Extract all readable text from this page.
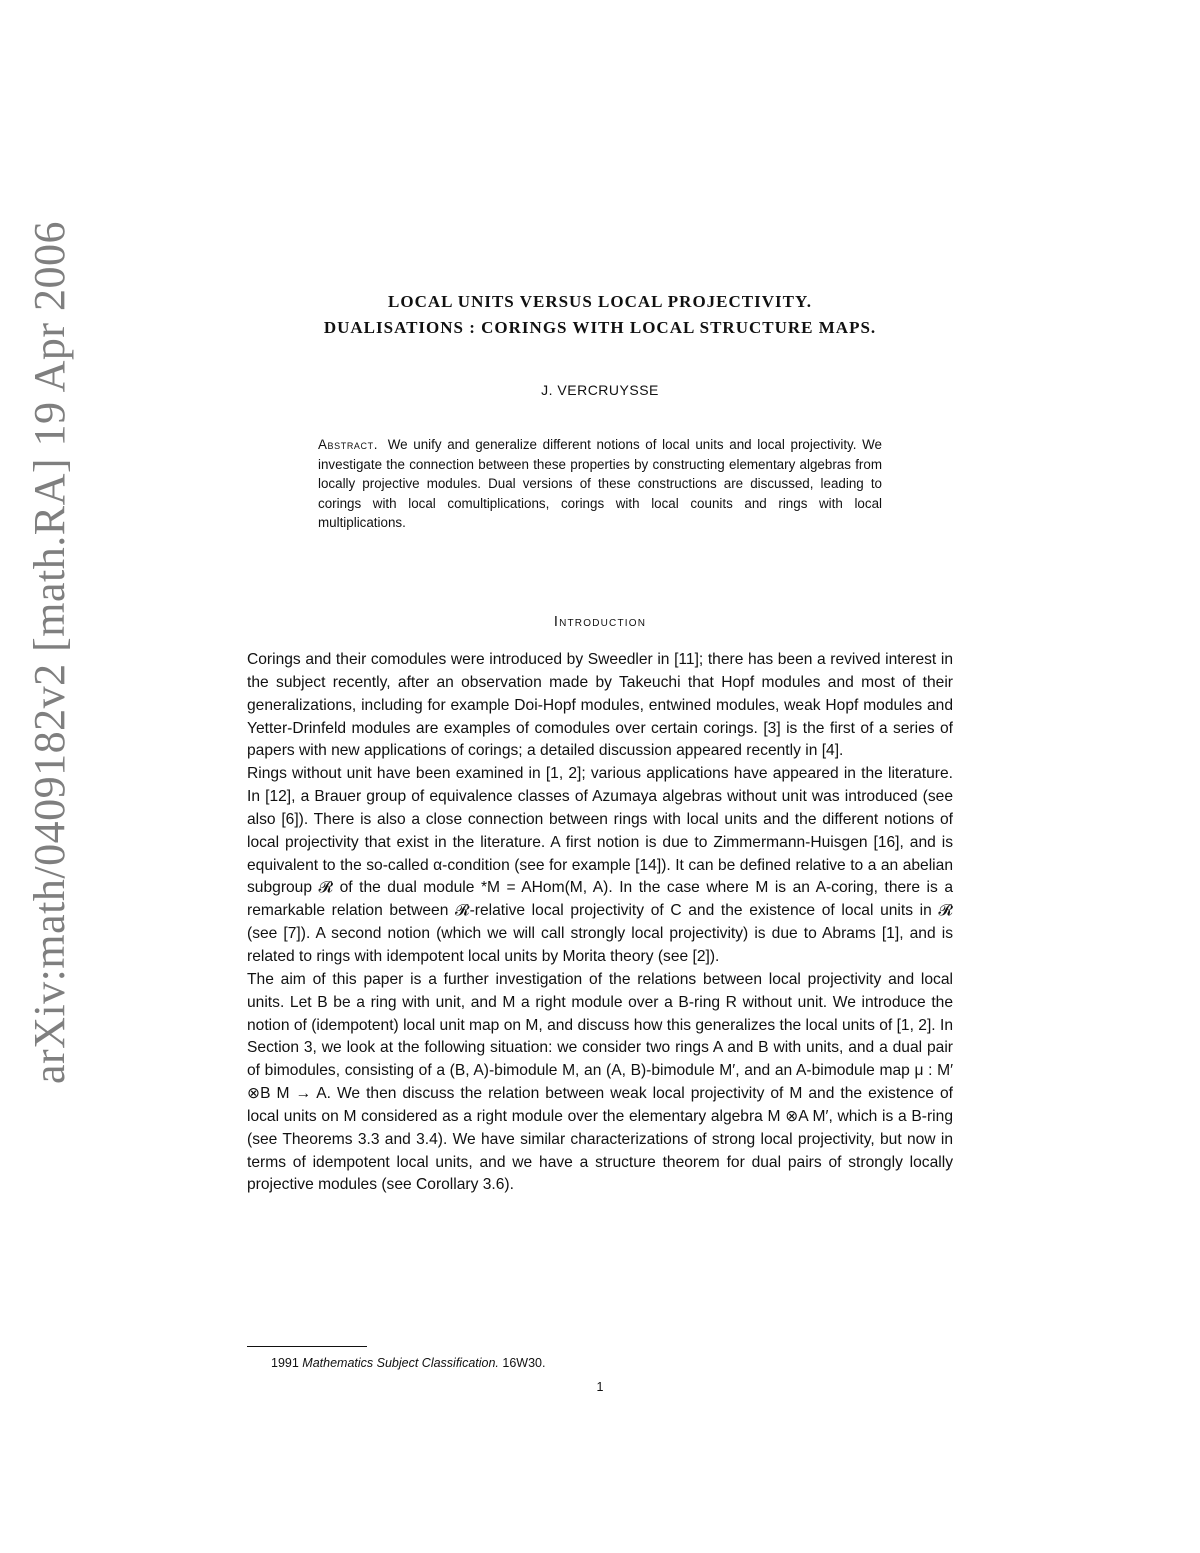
arXiv:math/0409182v2 [math.RA] 19 Apr 2006	LOCAL UNITS VERSUS LOCAL PROJECTIVITY.
DUALISATIONS : CORINGS WITH LOCAL STRUCTURE MAPS.
J. VERCRUYSSE
Abstract. We unify and generalize different notions of local units and local projectivity. We investigate the connection between these properties by constructing elementary algebras from locally projective modules. Dual versions of these constructions are discussed, leading to corings with local comultiplications, corings with local counits and rings with local multiplications.
Introduction

Corings and their comodules were introduced by Sweedler in [11]; there has been a revived interest in the subject recently, after an observation made by Takeuchi that Hopf modules and most of their generalizations, including for example Doi-Hopf modules, entwined modules, weak Hopf modules and Yetter-Drinfeld modules are examples of comodules over certain corings. [3] is the first of a series of papers with new applications of corings; a detailed discussion appeared recently in [4].

Rings without unit have been examined in [1, 2]; various applications have appeared in the literature. In [12], a Brauer group of equivalence classes of Azumaya algebras without unit was introduced (see also [6]). There is also a close connection between rings with local units and the different notions of local projectivity that exist in the literature. A first notion is due to Zimmermann-Huisgen [16], and is equivalent to the so-called α-condition (see for example [14]). It can be defined relative to a an abelian subgroup 𝓡 of the dual module *M = AHom(M, A). In the case where M is an A-coring, there is a remarkable relation between 𝓡-relative local projectivity of C and the existence of local units in 𝓡 (see [7]). A second notion (which we will call strongly local projectivity) is due to Abrams [1], and is related to rings with idempotent local units by Morita theory (see [2]).

The aim of this paper is a further investigation of the relations between local projectivity and local units. Let B be a ring with unit, and M a right module over a B-ring R without unit. We introduce the notion of (idempotent) local unit map on M, and discuss how this generalizes the local units of [1, 2]. In Section 3, we look at the following situation: we consider two rings A and B with units, and a dual pair of bimodules, consisting of a (B, A)-bimodule M, an (A, B)-bimodule M′, and an A-bimodule map μ : M′ ⊗B M → A. We then discuss the relation between weak local projectivity of M and the existence of local units on M considered as a right module over the elementary algebra M ⊗A M′, which is a B-ring (see Theorems 3.3 and 3.4). We have similar characterizations of strong local projectivity, but now in terms of idempotent local units, and we have a structure theorem for dual pairs of strongly locally projective modules (see Corollary 3.6).

1991 Mathematics Subject Classification. 16W30.
1
